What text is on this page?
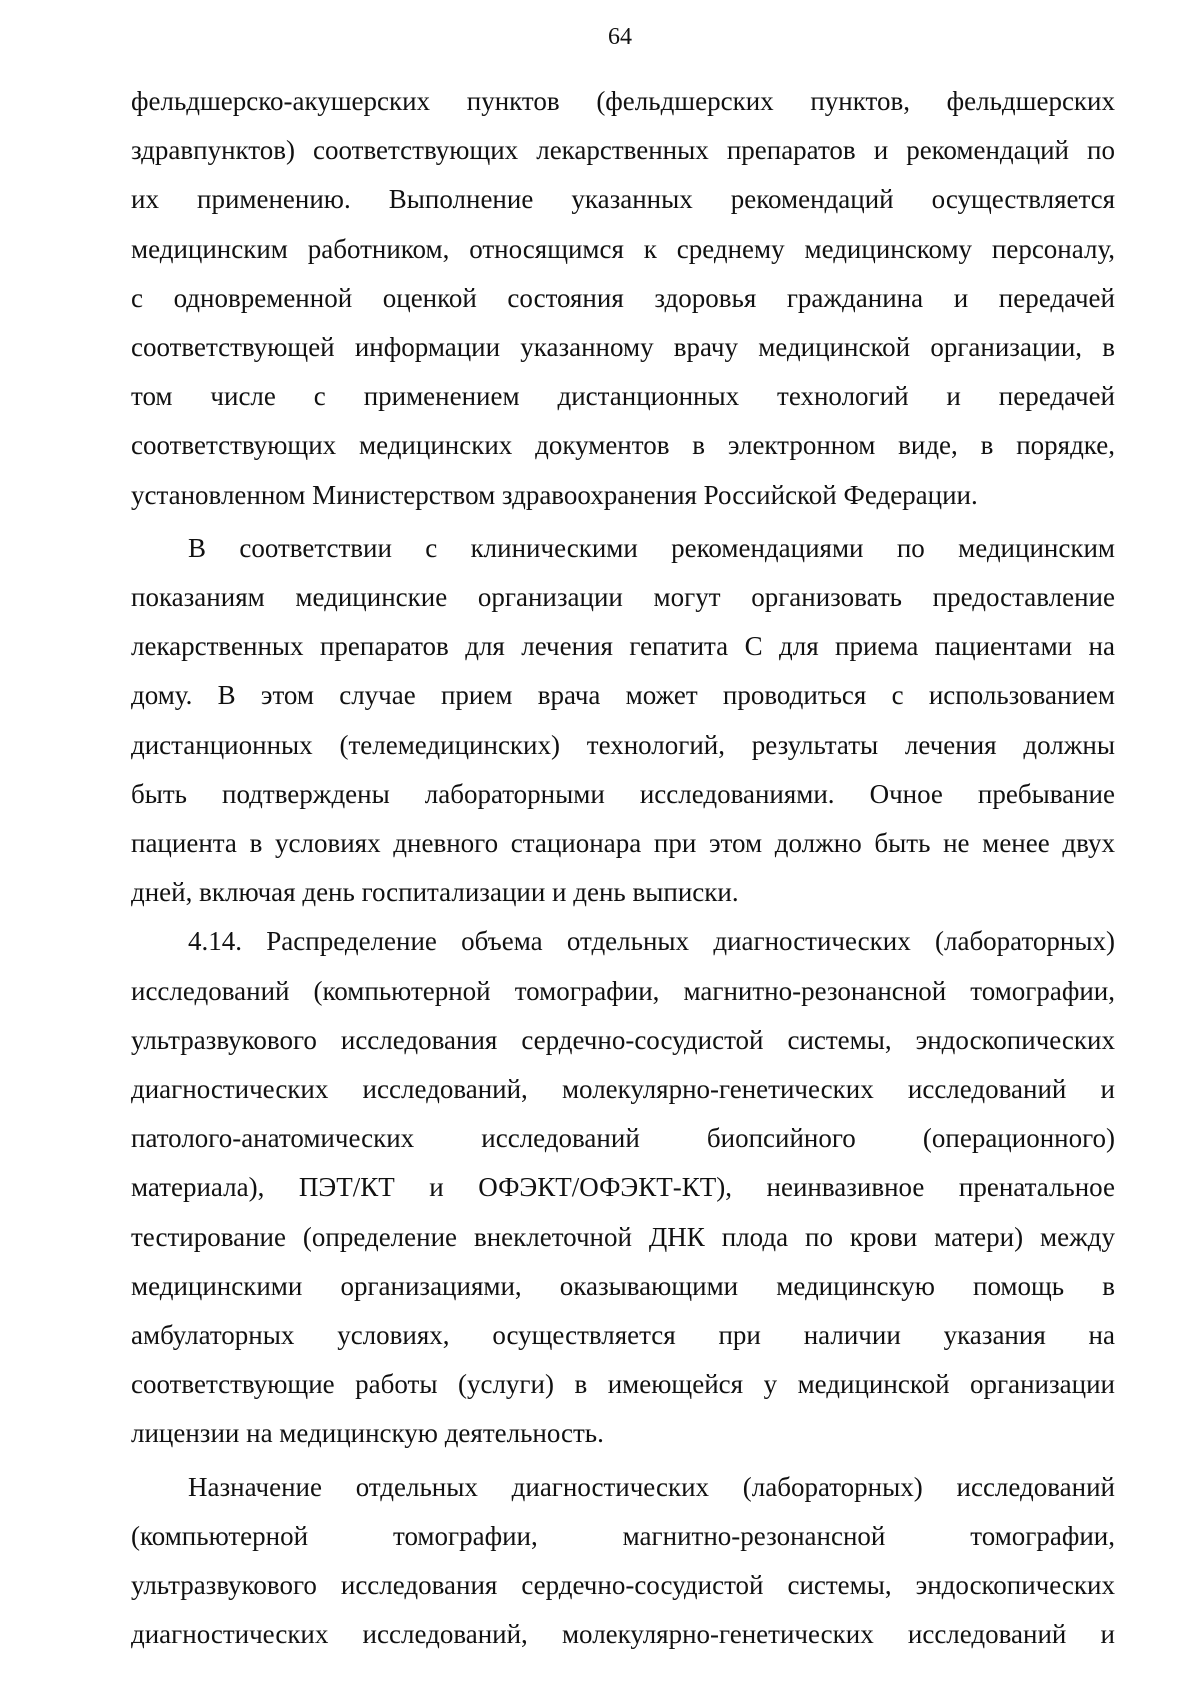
64
фельдшерско-акушерских пунктов (фельдшерских пунктов, фельдшерских
здравпунктов) соответствующих лекарственных препаратов и рекомендаций по
их применению. Выполнение указанных рекомендаций осуществляется
медицинским работником, относящимся к среднему медицинскому персоналу,
с одновременной оценкой состояния здоровья гражданина и передачей
соответствующей информации указанному врачу медицинской организации, в
том числе с применением дистанционных технологий и передачей
соответствующих медицинских документов в электронном виде, в порядке,
установленном Министерством здравоохранения Российской Федерации.
В соответствии с клиническими рекомендациями по медицинским
показаниям медицинские организации могут организовать предоставление
лекарственных препаратов для лечения гепатита С для приема пациентами на
дому. В этом случае прием врача может проводиться с использованием
дистанционных (телемедицинских) технологий, результаты лечения должны
быть подтверждены лабораторными исследованиями. Очное пребывание
пациента в условиях дневного стационара при этом должно быть не менее двух
дней, включая день госпитализации и день выписки.
4.14. Распределение объема отдельных диагностических (лабораторных)
исследований (компьютерной томографии, магнитно-резонансной томографии,
ультразвукового исследования сердечно-сосудистой системы, эндоскопических
диагностических исследований, молекулярно-генетических исследований и
патолого-анатомических исследований биопсийного (операционного)
материала), ПЭТ/КТ и ОФЭКТ/ОФЭКТ-КТ), неинвазивное пренатальное
тестирование (определение внеклеточной ДНК плода по крови матери) между
медицинскими организациями, оказывающими медицинскую помощь в
амбулаторных условиях, осуществляется при наличии указания на
соответствующие работы (услуги) в имеющейся у медицинской организации
лицензии на медицинскую деятельность.
Назначение отдельных диагностических (лабораторных) исследований
(компьютерной томографии, магнитно-резонансной томографии,
ультразвукового исследования сердечно-сосудистой системы, эндоскопических
диагностических исследований, молекулярно-генетических исследований и
